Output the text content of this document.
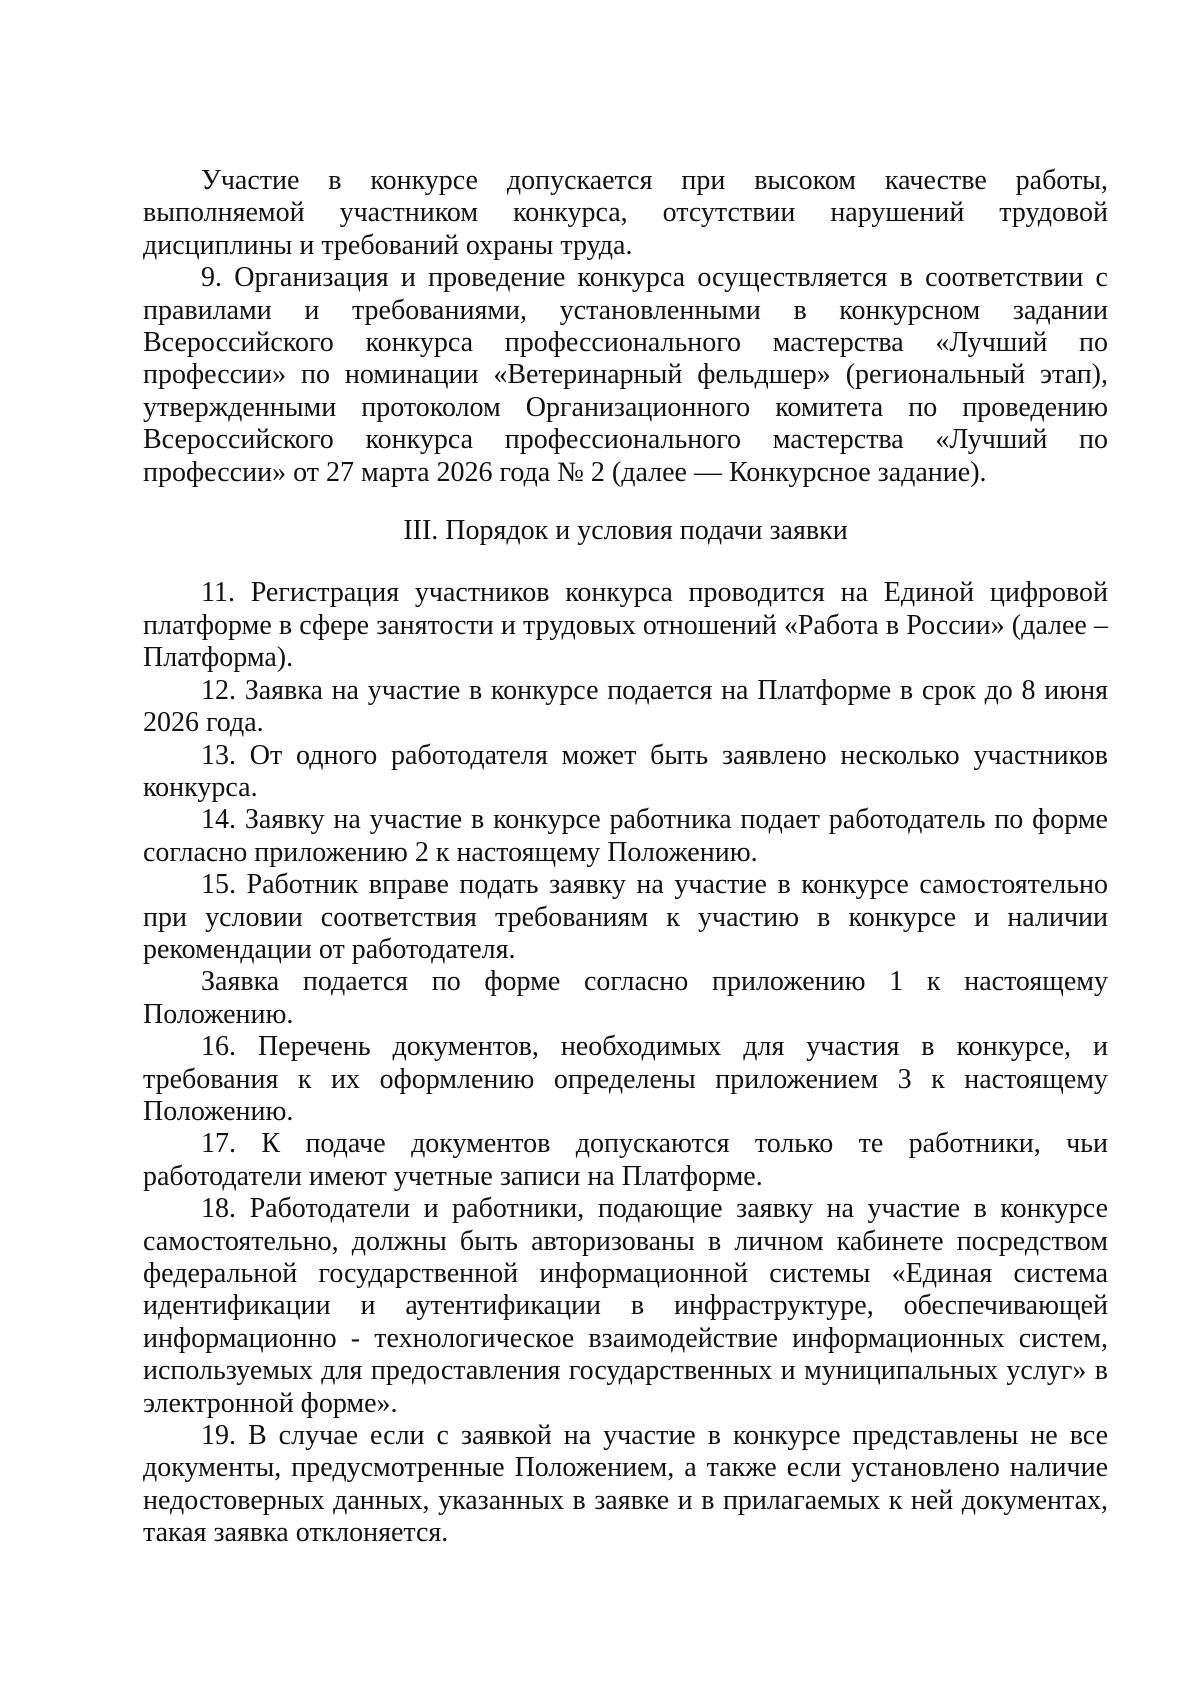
Участие в конкурсе допускается при высоком качестве работы, выполняемой участником конкурса, отсутствии нарушений трудовой дисциплины и требований охраны труда.

9. Организация и проведение конкурса осуществляется в соответствии с правилами и требованиями, установленными в конкурсном задании Всероссийского конкурса профессионального мастерства «Лучший по профессии» по номинации «Ветеринарный фельдшер» (региональный этап), утвержденными протоколом Организационного комитета по проведению Всероссийского конкурса профессионального мастерства «Лучший по профессии» от 27 марта 2026 года № 2 (далее — Конкурсное задание).

III. Порядок и условия подачи заявки

11. Регистрация участников конкурса проводится на Единой цифровой платформе в сфере занятости и трудовых отношений «Работа в России» (далее – Платформа).

12. Заявка на участие в конкурсе подается на Платформе в срок до 8 июня 2026 года.

13. От одного работодателя может быть заявлено несколько участников конкурса.

14. Заявку на участие в конкурсе работника подает работодатель по форме согласно приложению 2 к настоящему Положению.

15. Работник вправе подать заявку на участие в конкурсе самостоятельно при условии соответствия требованиям к участию в конкурсе и наличии рекомендации от работодателя.

Заявка подается по форме согласно приложению 1 к настоящему Положению.

16. Перечень документов, необходимых для участия в конкурсе, и требования к их оформлению определены приложением 3 к настоящему Положению.

17. К подаче документов допускаются только те работники, чьи работодатели имеют учетные записи на Платформе.

18. Работодатели и работники, подающие заявку на участие в конкурсе самостоятельно, должны быть авторизованы в личном кабинете посредством федеральной государственной информационной системы «Единая система идентификации и аутентификации в инфраструктуре, обеспечивающей информационно - технологическое взаимодействие информационных систем, используемых для предоставления государственных и муниципальных услуг» в электронной форме».

19. В случае если с заявкой на участие в конкурсе представлены не все документы, предусмотренные Положением, а также если установлено наличие недостоверных данных, указанных в заявке и в прилагаемых к ней документах, такая заявка отклоняется.
